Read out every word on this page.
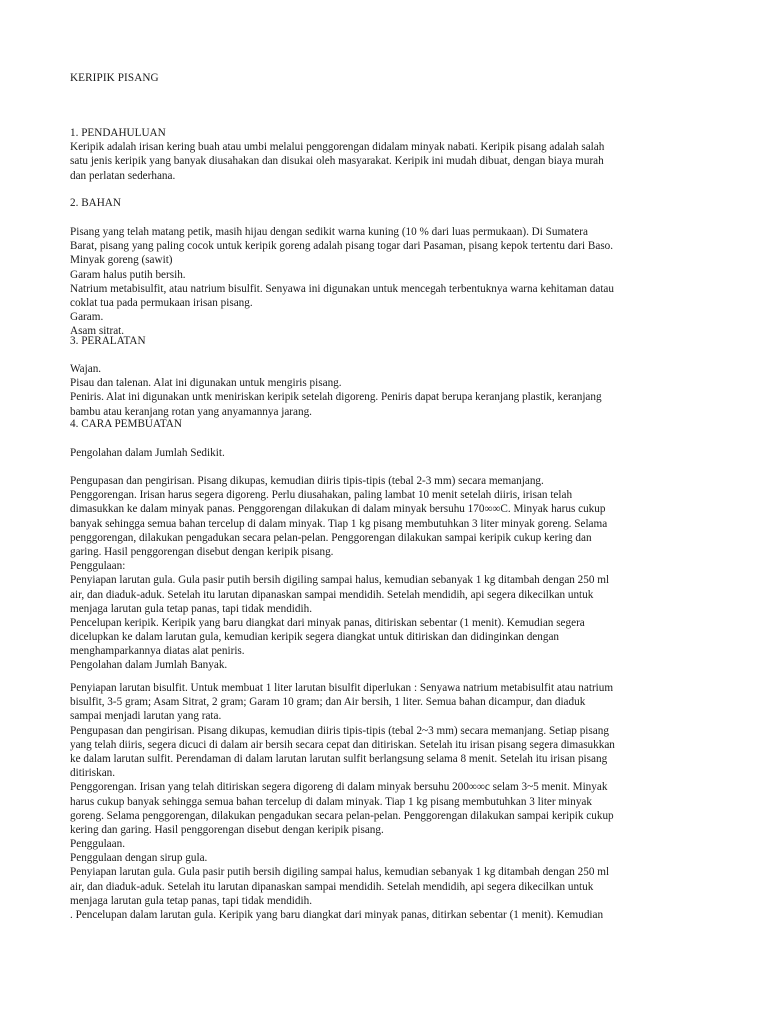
KERIPIK PISANG
1. PENDAHULUAN
Keripik adalah irisan kering buah atau umbi melalui penggorengan didalam minyak nabati. Keripik pisang adalah salah
satu jenis keripik yang banyak diusahakan dan disukai oleh masyarakat. Keripik ini mudah dibuat, dengan biaya murah
dan perlatan sederhana.
2. BAHAN
Pisang yang telah matang petik, masih hijau dengan sedikit warna kuning (10 % dari luas permukaan). Di Sumatera
Barat, pisang yang paling cocok untuk keripik goreng adalah pisang togar dari Pasaman, pisang kepok tertentu dari Baso.
Minyak goreng (sawit)
Garam halus putih bersih.
Natrium metabisulfit, atau natrium bisulfit. Senyawa ini digunakan untuk mencegah terbentuknya warna kehitaman datau
coklat tua pada permukaan irisan pisang.
Garam.
Asam sitrat.
3. PERALATAN
Wajan.
Pisau dan talenan. Alat ini digunakan untuk mengiris pisang.
Peniris. Alat ini digunakan untk meniriskan keripik setelah digoreng. Peniris dapat berupa keranjang plastik, keranjang
bambu atau keranjang rotan yang anyamannya jarang.
4. CARA PEMBUATAN
Pengolahan dalam Jumlah Sedikit.
Pengupasan dan pengirisan. Pisang dikupas, kemudian diiris tipis-tipis (tebal 2-3 mm) secara memanjang.
Penggorengan. Irisan harus segera digoreng. Perlu diusahakan, paling lambat 10 menit setelah diiris, irisan telah
dimasukkan ke dalam minyak panas. Penggorengan dilakukan di dalam minyak bersuhu 170∞∞C. Minyak harus cukup
banyak sehingga semua bahan tercelup di dalam minyak. Tiap 1 kg pisang membutuhkan 3 liter minyak goreng. Selama
penggorengan, dilakukan pengadukan secara pelan-pelan. Penggorengan dilakukan sampai keripik cukup kering dan
garing. Hasil penggorengan disebut dengan keripik pisang.
Penggulaan:
Penyiapan larutan gula. Gula pasir putih bersih digiling sampai halus, kemudian sebanyak 1 kg ditambah dengan 250 ml
air, dan diaduk-aduk. Setelah itu larutan dipanaskan sampai mendidih. Setelah mendidih, api segera dikecilkan untuk
menjaga larutan gula tetap panas, tapi tidak mendidih.
Pencelupan keripik. Keripik yang baru diangkat dari minyak panas, ditiriskan sebentar (1 menit). Kemudian segera
dicelupkan ke dalam larutan gula, kemudian keripik segera diangkat untuk ditiriskan dan didinginkan dengan
menghamparkannya diatas alat peniris.
Pengolahan dalam Jumlah Banyak.
Penyiapan larutan bisulfit. Untuk membuat 1 liter larutan bisulfit diperlukan : Senyawa natrium metabisulfit atau natrium
bisulfit, 3-5 gram; Asam Sitrat, 2 gram; Garam 10 gram; dan Air bersih, 1 liter. Semua bahan dicampur, dan diaduk
sampai menjadi larutan yang rata.
Pengupasan dan pengirisan. Pisang dikupas, kemudian diiris tipis-tipis (tebal 2~3 mm) secara memanjang. Setiap pisang
yang telah diiris, segera dicuci di dalam air bersih secara cepat dan ditiriskan. Setelah itu irisan pisang segera dimasukkan
ke dalam larutan sulfit. Perendaman di dalam larutan larutan sulfit berlangsung selama 8 menit. Setelah itu irisan pisang
ditiriskan.
Penggorengan. Irisan yang telah ditiriskan segera digoreng di dalam minyak bersuhu 200∞∞c selam 3~5 menit. Minyak
harus cukup banyak sehingga semua bahan tercelup di dalam minyak. Tiap 1 kg pisang membutuhkan 3 liter minyak
goreng. Selama penggorengan, dilakukan pengadukan secara pelan-pelan. Penggorengan dilakukan sampai keripik cukup
kering dan garing. Hasil penggorengan disebut dengan keripik pisang.
Penggulaan.
Penggulaan dengan sirup gula.
Penyiapan larutan gula. Gula pasir putih bersih digiling sampai halus, kemudian sebanyak 1 kg ditambah dengan 250 ml
air, dan diaduk-aduk. Setelah itu larutan dipanaskan sampai mendidih. Setelah mendidih, api segera dikecilkan untuk
menjaga larutan gula tetap panas, tapi tidak mendidih.
. Pencelupan dalam larutan gula. Keripik yang baru diangkat dari minyak panas, ditirkan sebentar (1 menit). Kemudian
